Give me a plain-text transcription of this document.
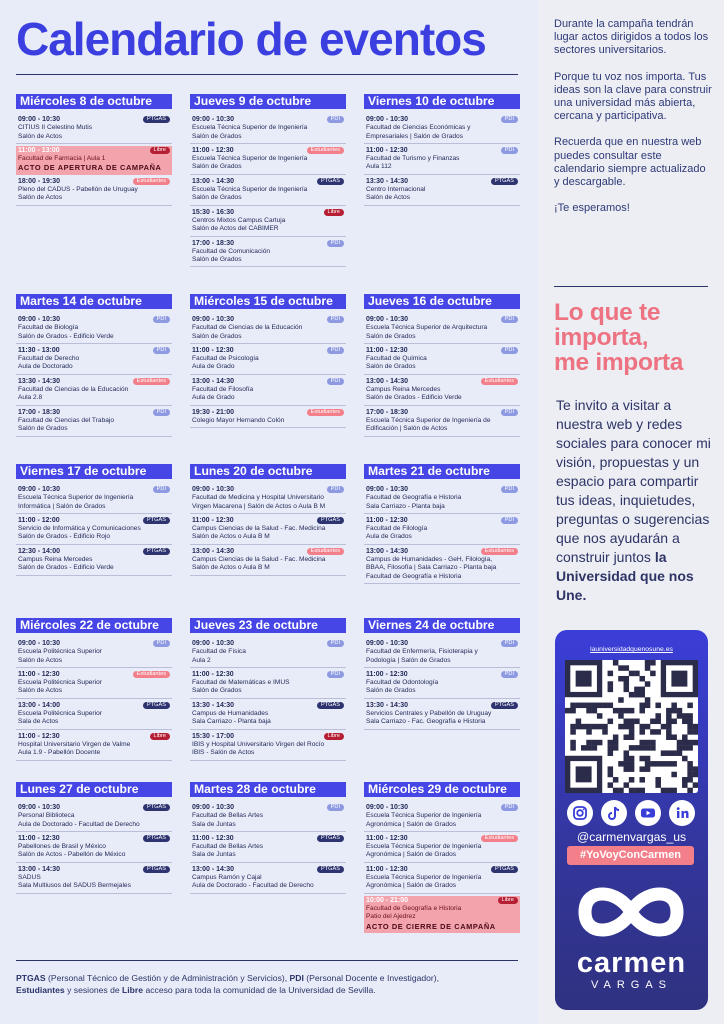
Calendario de eventos
Miércoles 8 de octubre
09:00 - 10:30
CITIUS II Celestino Mutis
Salón de Actos
PTGAS
11:00 - 13:00
Facultad de Farmacia | Aula 1
ACTO DE APERTURA DE CAMPAÑA
Libre
18:00 - 19:30
Pleno del CADUS - Pabellón de Uruguay
Salón de Actos
Estudiantes
Jueves 9 de octubre
09:00 - 10:30
Escuela Técnica Superior de Ingeniería
Salón de Grados
PDI
11:00 - 12:30
Escuela Técnica Superior de Ingeniería
Salón de Grados
Estudiantes
13:00 - 14:30
Escuela Técnica Superior de Ingeniería
Salón de Grados
PTGAS
15:30 - 16:30
Centros Mixtos Campus Cartuja
Salón de Actos del CABIMER
Libre
17:00 - 18:30
Facultad de Comunicación
Salón de Grados
PDI
Viernes 10 de octubre
09:00 - 10:30
Facultad de Ciencias Económicas y
Empresariales | Salón de Grados
PDI
11:00 - 12:30
Facultad de Turismo y Finanzas
Aula 112
PDI
13:30 - 14:30
Centro Internacional
Salón de Actos
PTGAS
Martes 14 de octubre
09:00 - 10:30
Facultad de Biología
Salón de Grados - Edificio Verde
PDI
11:30 - 13:00
Facultad de Derecho
Aula de Doctorado
PDI
13:30 - 14:30
Facultad de Ciencias de la Educación
Aula 2.8
Estudiantes
17:00 - 18:30
Facultad de Ciencias del Trabajo
Salón de Grados
PDI
Miércoles 15 de octubre
09:00 - 10:30
Facultad de Ciencias de la Educación
Salón de Grados
PDI
11:00 - 12:30
Facultad de Psicología
Aula de Grado
PDI
13:00 - 14:30
Facultad de Filosofía
Aula de Grado
PDI
19:30 - 21:00
Colegio Mayor Hernando Colón
Estudiantes
Jueves 16 de octubre
09:00 - 10:30
Escuela Técnica Superior de Arquitectura
Salón de Grados
PDI
11:00 - 12:30
Facultad de Química
Salón de Grados
PDI
13:00 - 14:30
Campus Reina Mercedes
Salón de Grados - Edificio Verde
Estudiantes
17:00 - 18:30
Escuela Técnica Superior de Ingeniería de
Edificación | Salón de Actos
PDI
Viernes 17 de octubre
09:00 - 10:30
Escuela Técnica Superior de Ingeniería
Informática | Salón de Grados
PDI
11:00 - 12:00
Servicio de Informática y Comunicaciones
Salón de Grados - Edificio Rojo
PTGAS
12:30 - 14:00
Campus Reina Mercedes
Salón de Grados - Edificio Verde
PTGAS
Lunes 20 de octubre
09:00 - 10:30
Facultad de Medicina y Hospital Universitario
Virgen Macarena | Salón de Actos o Aula B M
PDI
11:00 - 12:30
Campus Ciencias de la Salud - Fac. Medicina
Salón de Actos o Aula B M
PTGAS
13:00 - 14:30
Campus Ciencias de la Salud - Fac. Medicina
Salón de Actos o Aula B M
Estudiantes
Martes 21 de octubre
09:00 - 10:30
Facultad de Geografía e Historia
Sala Carriazo - Planta baja
PDI
11:00 - 12:30
Facultad de Filología
Aula de Grados
PDI
13:00 - 14:30
Campus de Humanidades - GeH, Filología,
BBAA, Filosofía | Sala Carriazo - Planta baja
Facultad de Geografía e Historia
Estudiantes
Miércoles 22 de octubre
09:00 - 10:30
Escuela Politécnica Superior
Salón de Actos
PDI
11:00 - 12:30
Escuela Politécnica Superior
Salón de Actos
Estudiantes
13:00 - 14:00
Escuela Politécnica Superior
Sala de Actos
PTGAS
11:00 - 12:30
Hospital Universitario Virgen de Valme
Aula 1.9 - Pabellón Docente
Libre
Jueves 23 de octubre
09:00 - 10:30
Facultad de Física
Aula 2
PDI
11:00 - 12:30
Facultad de Matemáticas e IMUS
Salón de Grados
PDI
13:30 - 14:30
Campus de Humanidades
Sala Carriazo - Planta baja
PTGAS
15:30 - 17:00
IBIS y Hospital Universitario Virgen del Rocío
IBIS - Salón de Actos
Libre
Viernes 24 de octubre
09:00 - 10:30
Facultad de Enfermería, Fisioterapia y
Podología | Salón de Grados
PDI
11:00 - 12:30
Facultad de Odontología
Salón de Grados
PDI
13:30 - 14:30
Servicios Centrales y Pabellón de Uruguay
Sala Carriazo - Fac. Geografía e Historia
PTGAS
Lunes 27 de octubre
09:00 - 10:30
Personal Biblioteca
Aula de Doctorado - Facultad de Derecho
PTGAS
11:00 - 12:30
Pabellones de Brasil y México
Salón de Actos - Pabellón de México
PTGAS
13:00 - 14:30
SADUS
Sala Multiusos del SADUS Bermejales
PTGAS
Martes 28 de octubre
09:00 - 10:30
Facultad de Bellas Artes
Sala de Juntas
PDI
11:00 - 12:30
Facultad de Bellas Artes
Sala de Juntas
PTGAS
13:00 - 14:30
Campus Ramón y Cajal
Aula de Doctorado - Facultad de Derecho
PTGAS
Miércoles 29 de octubre
09:00 - 10:30
Escuela Técnica Superior de Ingeniería
Agronómica | Salón de Grados
PDI
11:00 - 12:30
Escuela Técnica Superior de Ingeniería
Agronómica | Salón de Grados
Estudiantes
11:00 - 12:30
Escuela Técnica Superior de Ingeniería
Agronómica | Salón de Grados
PTGAS
10:00 - 21:00
Facultad de Geografía e Historia
Patio del Ajedrez
ACTO DE CIERRE DE CAMPAÑA
Libre
PTGAS (Personal Técnico de Gestión y de Administración y Servicios), PDI (Personal Docente e Investigador),
Estudiantes y sesiones de Libre acceso para toda la comunidad de la Universidad de Sevilla.

Durante la campaña tendrán lugar actos dirigidos a todos los sectores universitarios.

Porque tu voz nos importa. Tus ideas son la clave para construir una universidad más abierta, cercana y participativa.

Recuerda que en nuestra web puedes consultar este calendario siempre actualizado y descargable.

¡Te esperamos!

Lo que te
importa,
me importa
Te invito a visitar a nuestra web y redes sociales para conocer mi visión, propuestas y un espacio para compartir tus ideas, inquietudes, preguntas o sugerencias que nos ayudarán a construir juntos la Universidad que nos Une.
launiversidadquenosune.es
@carmenvargas_us
#YoVoyConCarmen
carmen
VARGAS
